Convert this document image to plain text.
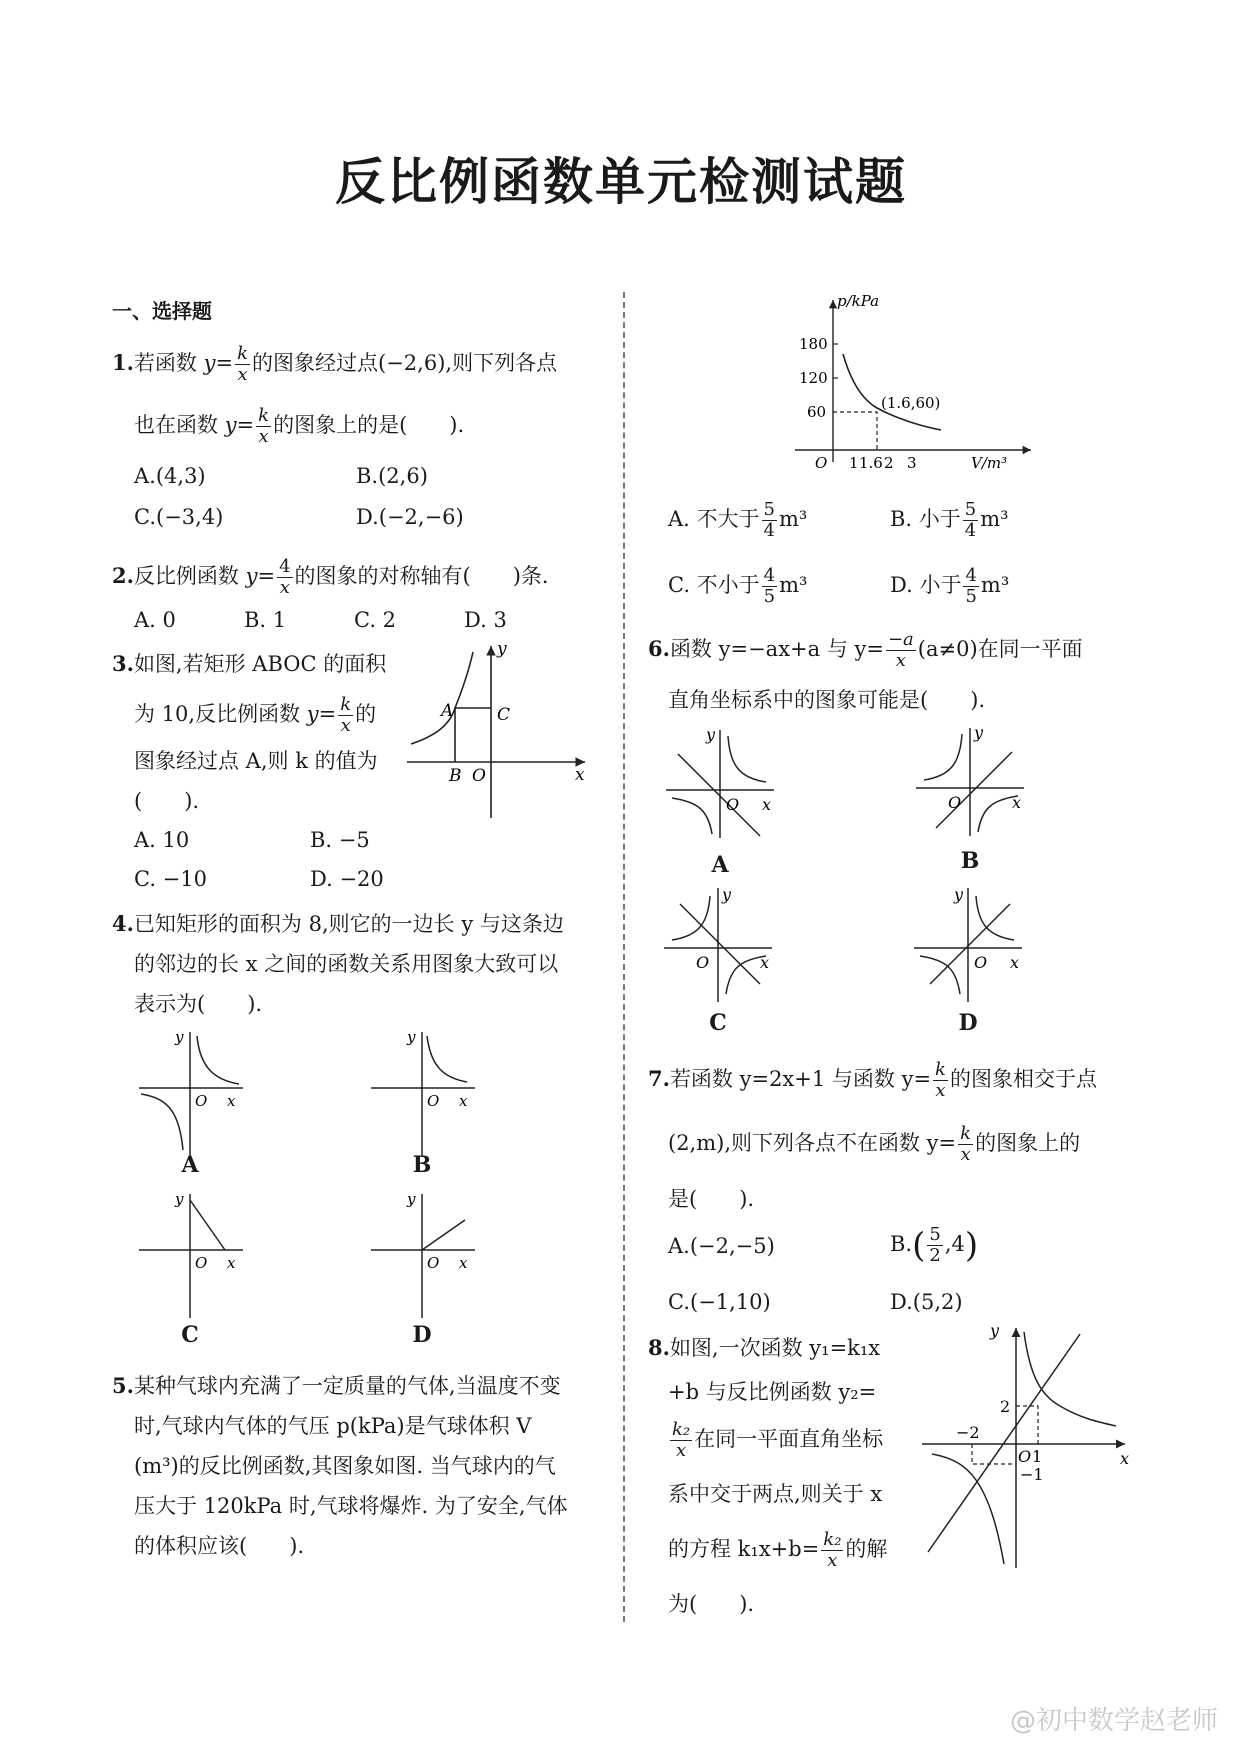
反比例函数单元检测试题
一、选择题
1.若函数 $y= \frac{k}{x}$ 的图象经过点(−2,6),则下列各点
也在函数 $y= \frac{k}{x}$ 的图象上的是(　　).
A.(4,3)	B.(2,6)
C.(−3,4)	D.(−2,−6)
2.反比例函数 $y= \frac{4}{x}$ 的图象的对称轴有(　　)条.
A. 0	B. 1	C. 2	D. 3
3.如图,若矩形 ABOC 的面积
为 10,反比例函数 $y= \frac{k}{x}$ 的
图象经过点 A,则 k 的值为
(　　).
A. 10	B. −5
C. −10	D. −20
A	C
B O	x
y
4.已知矩形的面积为 8,则它的一边长 y 与这条边
的邻边的长 x 之间的函数关系用图象大致可以
表示为(　　).
y
O x
y
O x
A	B
y
O x
y
O x
C	D
5.某种气球内充满了一定质量的气体,当温度不变
时,气球内气体的气压 p(kPa)是气球体积 V
(m³)的反比例函数,其图象如图. 当气球内的气
压大于 120kPa 时,气球将爆炸. 为了安全,气体
的体积应该(　　).
p/kPa
180
120
60
O 1 1.6 2 3
(1.6,60)
V/m³
A. 不大于 $\frac{5}{4} m^3$	B. 小于 $\frac{5}{4} m^3$
C. 不小于 $\frac{4}{5} m^3$	D. 小于 $\frac{4}{5} m^3$
6.函数 y=−ax+a 与 $y= \frac{-a}{x} (a\ne 0)$在同一平面
直角坐标系中的图象可能是(　　).
y
O x
A
y
O	x
B
y
O	x
C
y
O x
D
7.若函数 y=2x+1 与函数 $y= \frac{k}{x}$ 的图象相交于点
(2,m),则下列各点不在函数 $y= \frac{k}{x}$ 的图象上的
是(　　).
A.(−2,−5)	$B.( \frac{5}{2} ,4)$
C.(−1,10)	D.(5,2)
8.如图,一次函数 y₁=k₁x
+b 与反比例函数 y₂=
$\frac{\text{k₂}}{x}$ 在同一平面直角坐标
系中交于两点,则关于 x
的方程 $k_1x+b= \frac{\text{k₂}}{x}$ 的解
为(　　).
y
x
2
−2
O 1
−1
@初中数学赵老师
